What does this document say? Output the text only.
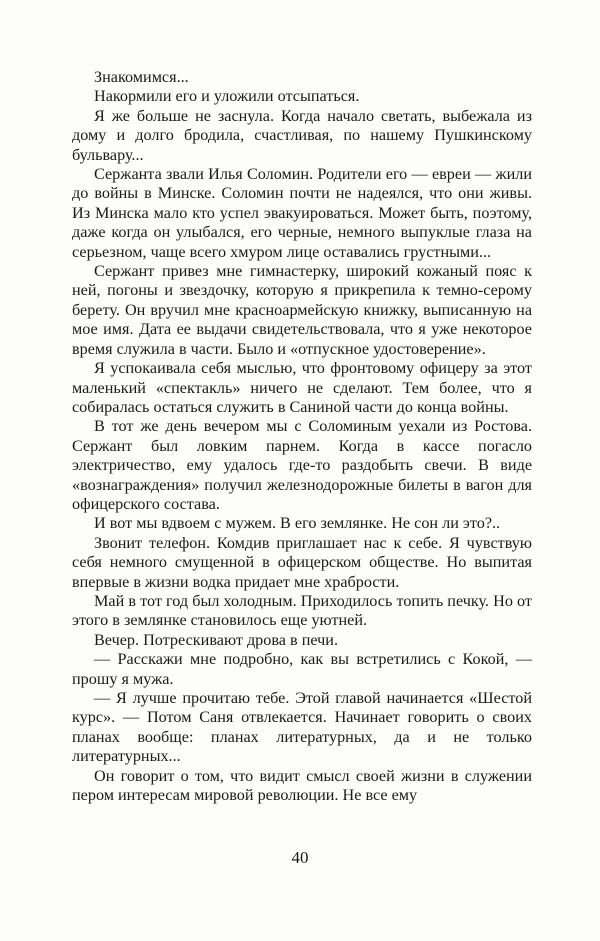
Знакомимся...

Накормили его и уложили отсыпаться.

Я же больше не заснула. Когда начало светать, выбежала из дому и долго бродила, счастливая, по нашему Пушкинскому бульвару...

Сержанта звали Илья Соломин. Родители его — евреи — жили до войны в Минске. Соломин почти не надеялся, что они живы. Из Минска мало кто успел эвакуироваться. Может быть, поэтому, даже когда он улыбался, его черные, немного выпуклые глаза на серьезном, чаще всего хмуром лице оставались грустными...

Сержант привез мне гимнастерку, широкий кожаный пояс к ней, погоны и звездочку, которую я прикрепила к темно-серому берету. Он вручил мне красноармейскую книжку, выписанную на мое имя. Дата ее выдачи свидетельствовала, что я уже некоторое время служила в части. Было и «отпускное удостоверение».

Я успокаивала себя мыслью, что фронтовому офицеру за этот маленький «спектакль» ничего не сделают. Тем более, что я собиралась остаться служить в Саниной части до конца войны.

В тот же день вечером мы с Соломиным уехали из Ростова. Сержант был ловким парнем. Когда в кассе погасло электричество, ему удалось где-то раздобыть свечи. В виде «вознаграждения» получил железнодорожные билеты в вагон для офицерского состава.

И вот мы вдвоем с мужем. В его землянке. Не сон ли это?..

Звонит телефон. Комдив приглашает нас к себе. Я чувствую себя немного смущенной в офицерском обществе. Но выпитая впервые в жизни водка придает мне храбрости.

Май в тот год был холодным. Приходилось топить печку. Но от этого в землянке становилось еще уютней.

Вечер. Потрескивают дрова в печи.

— Расскажи мне подробно, как вы встретились с Кокой, — прошу я мужа.

— Я лучше прочитаю тебе. Этой главой начинается «Шестой курс». — Потом Саня отвлекается. Начинает говорить о своих планах вообще: планах литературных, да и не только литературных...

Он говорит о том, что видит смысл своей жизни в служении пером интересам мировой революции. Не все ему

40
